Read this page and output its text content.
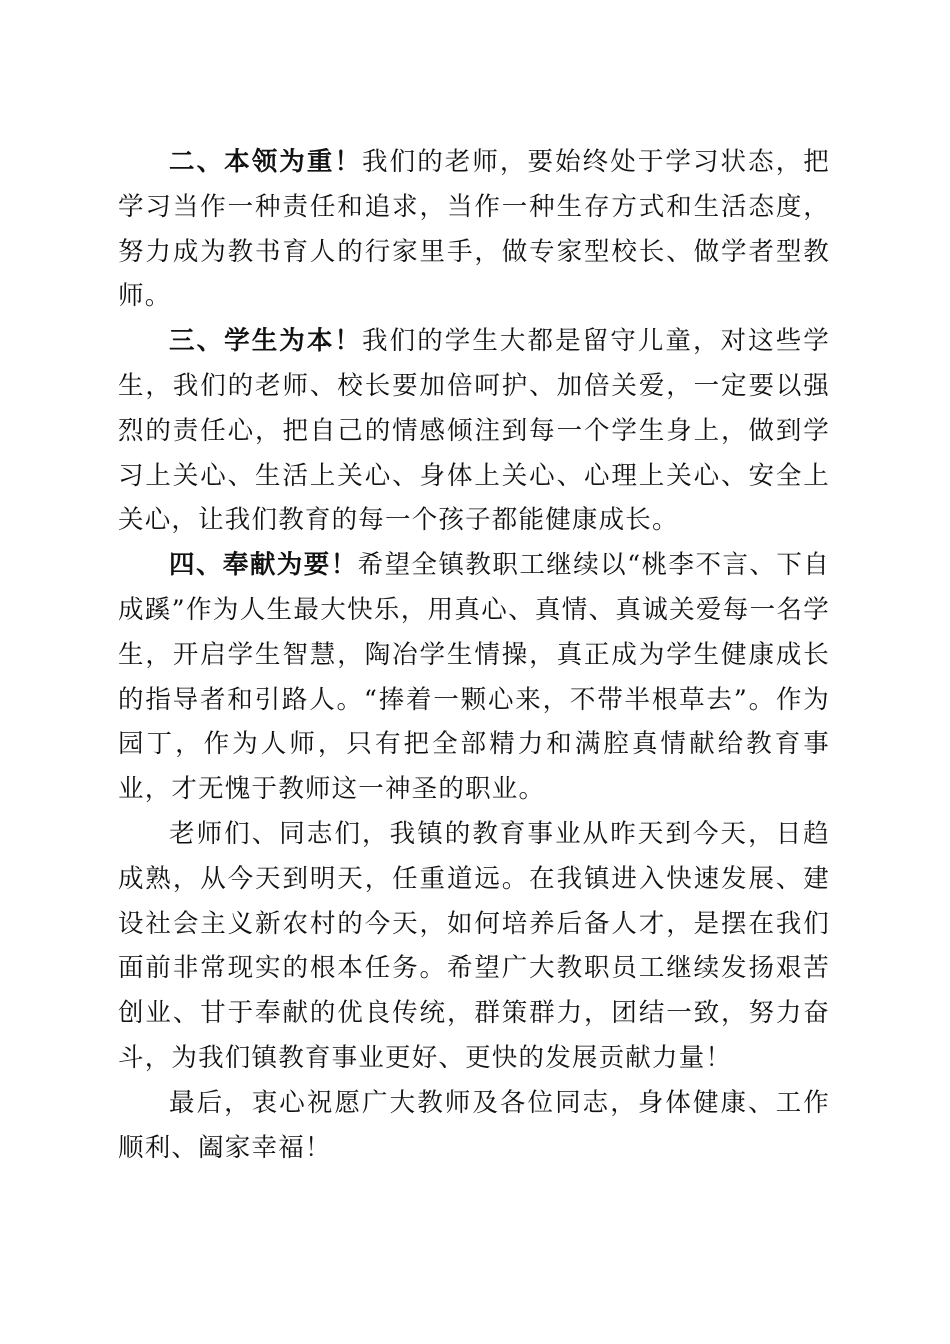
二、本领为重！我们的老师，要始终处于学习状态，把学习当作一种责任和追求，当作一种生存方式和生活态度，努力成为教书育人的行家里手，做专家型校长、做学者型教师。

三、学生为本！我们的学生大都是留守儿童，对这些学生，我们的老师、校长要加倍呵护、加倍关爱，一定要以强烈的责任心，把自己的情感倾注到每一个学生身上，做到学习上关心、生活上关心、身体上关心、心理上关心、安全上关心，让我们教育的每一个孩子都能健康成长。

四、奉献为要！希望全镇教职工继续以“桃李不言、下自成蹊”作为人生最大快乐，用真心、真情、真诚关爱每一名学生，开启学生智慧，陶冶学生情操，真正成为学生健康成长的指导者和引路人。“捧着一颗心来，不带半根草去”。作为园丁，作为人师，只有把全部精力和满腔真情献给教育事业，才无愧于教师这一神圣的职业。

老师们、同志们，我镇的教育事业从昨天到今天，日趋成熟，从今天到明天，任重道远。在我镇进入快速发展、建设社会主义新农村的今天，如何培养后备人才，是摆在我们面前非常现实的根本任务。希望广大教职员工继续发扬艰苦创业、甘于奉献的优良传统，群策群力，团结一致，努力奋斗，为我们镇教育事业更好、更快的发展贡献力量！

最后，衷心祝愿广大教师及各位同志，身体健康、工作顺利、阖家幸福！
